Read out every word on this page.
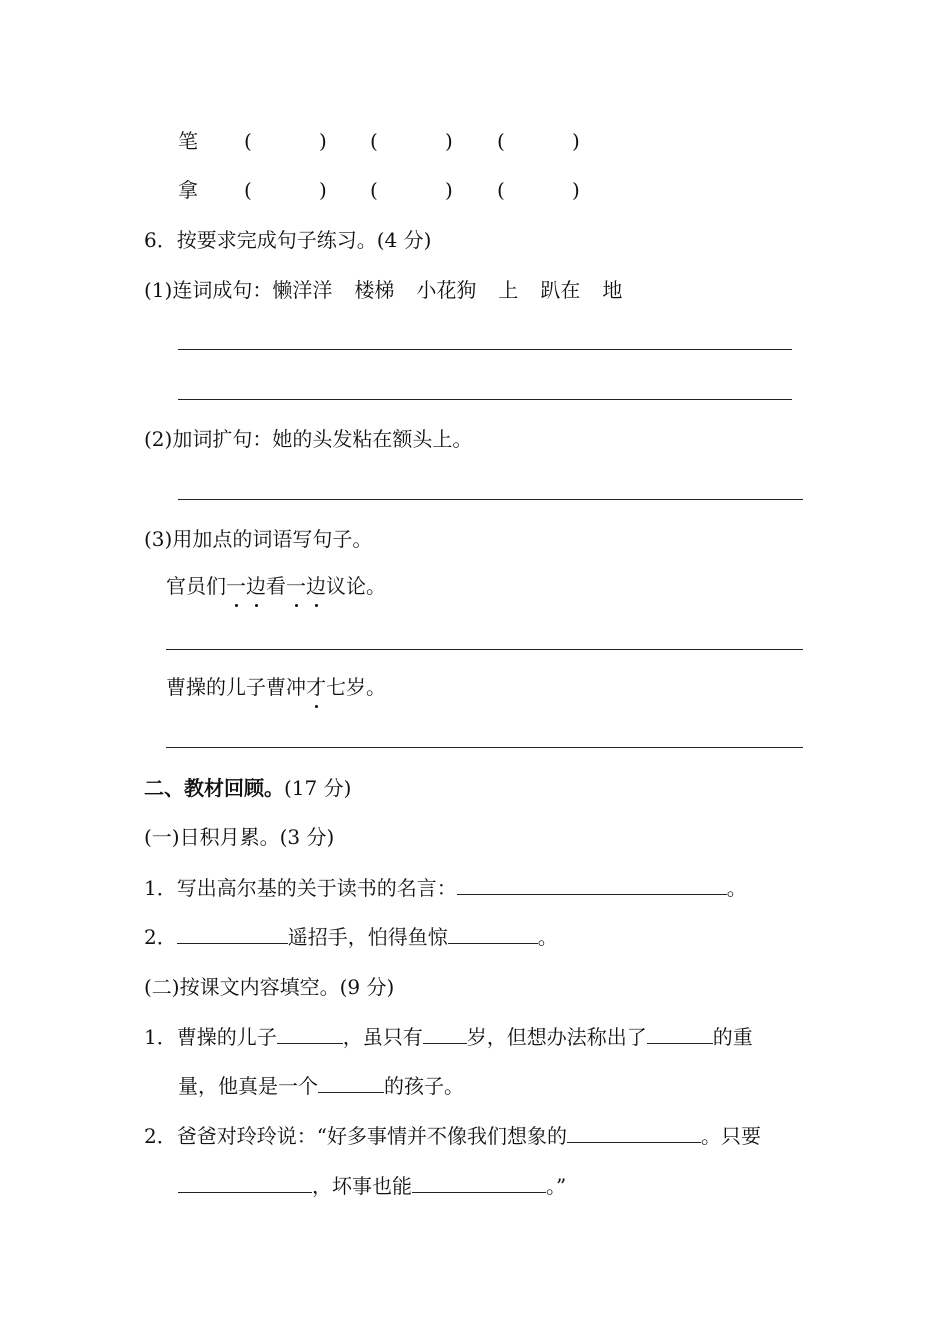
笔 (	) (	) (	)
拿 (	) (	) (	)
6．按要求完成句子练习。(4 分)
(1)连词成句：懒洋洋 楼梯 小花狗 上 趴在 地
(2)加词扩句：她的头发粘在额头上。
(3)用加点的词语写句子。
官员们一边看一边议论。
曹操的儿子曹冲才七岁。
二、教材回顾。(17 分)
(一)日积月累。(3 分)
1．写出高尔基的关于读书的名言：	。
2．	遥招手，怕得鱼惊	。
(二)按课文内容填空。(9 分)
1．曹操的儿子	，虽只有 岁，但想办法称出了	的重
量，他真是一个	的孩子。
2．爸爸对玲玲说：“好多事情并不像我们想象的	。只要
，坏事也能	。”
